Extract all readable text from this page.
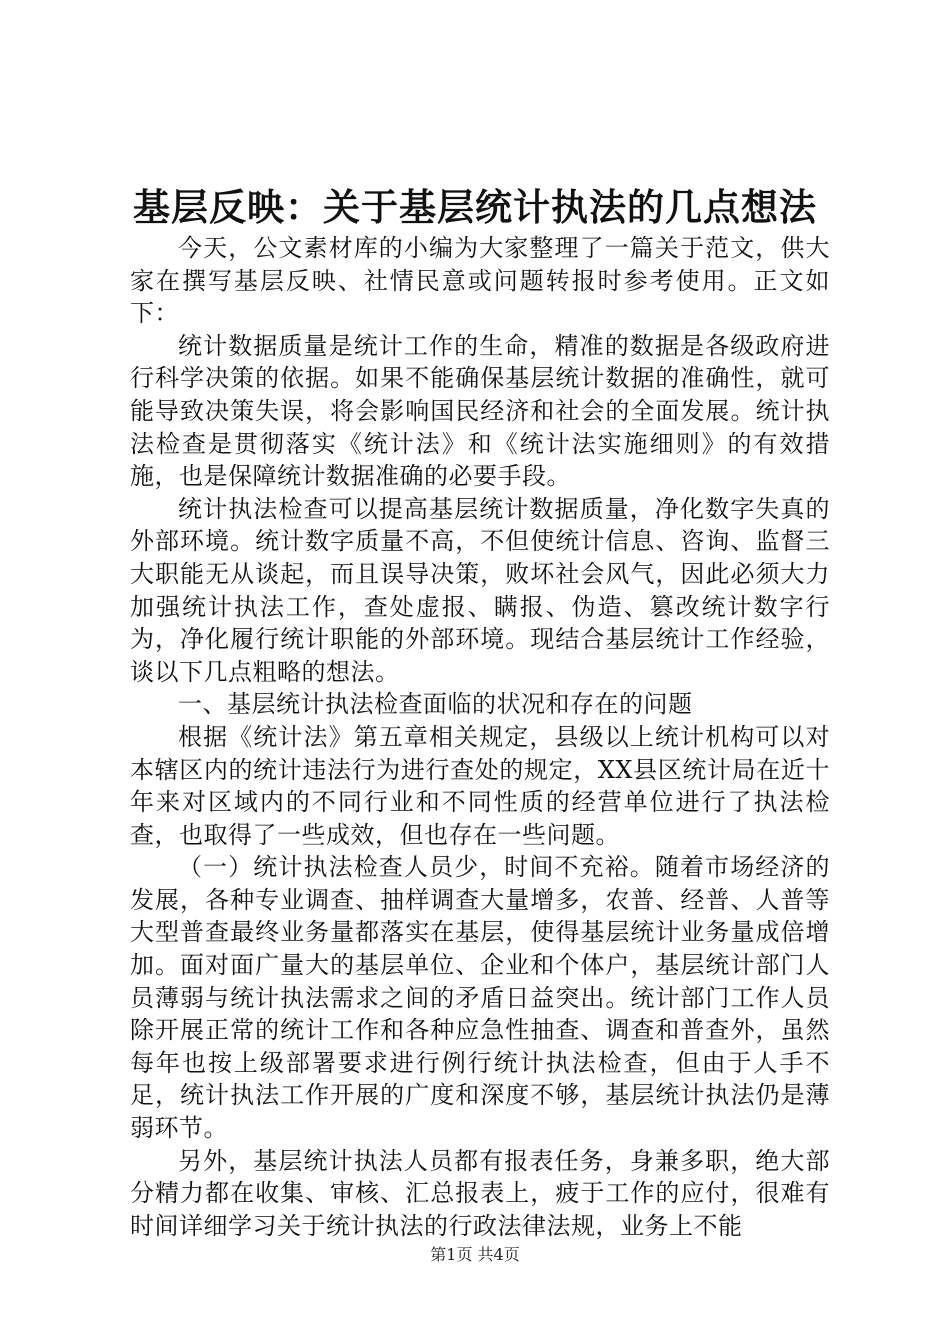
基层反映：关于基层统计执法的几点想法

今天，公文素材库的小编为大家整理了一篇关于范文，供大家在撰写基层反映、社情民意或问题转报时参考使用。正文如下：

统计数据质量是统计工作的生命，精准的数据是各级政府进行科学决策的依据。如果不能确保基层统计数据的准确性，就可能导致决策失误，将会影响国民经济和社会的全面发展。统计执法检查是贯彻落实《统计法》和《统计法实施细则》的有效措施，也是保障统计数据准确的必要手段。

统计执法检查可以提高基层统计数据质量，净化数字失真的外部环境。统计数字质量不高，不但使统计信息、咨询、监督三大职能无从谈起，而且误导决策，败坏社会风气，因此必须大力加强统计执法工作，查处虚报、瞒报、伪造、篡改统计数字行为，净化履行统计职能的外部环境。现结合基层统计工作经验，谈以下几点粗略的想法。

一、基层统计执法检查面临的状况和存在的问题

根据《统计法》第五章相关规定，县级以上统计机构可以对本辖区内的统计违法行为进行查处的规定，XX县区统计局在近十年来对区域内的不同行业和不同性质的经营单位进行了执法检查，也取得了一些成效，但也存在一些问题。

（一）统计执法检查人员少，时间不充裕。随着市场经济的发展，各种专业调查、抽样调查大量增多，农普、经普、人普等大型普查最终业务量都落实在基层，使得基层统计业务量成倍增加。面对面广量大的基层单位、企业和个体户，基层统计部门人员薄弱与统计执法需求之间的矛盾日益突出。统计部门工作人员除开展正常的统计工作和各种应急性抽查、调查和普查外，虽然每年也按上级部署要求进行例行统计执法检查，但由于人手不足，统计执法工作开展的广度和深度不够，基层统计执法仍是薄弱环节。

另外，基层统计执法人员都有报表任务，身兼多职，绝大部分精力都在收集、审核、汇总报表上，疲于工作的应付，很难有时间详细学习关于统计执法的行政法律法规，业务上不能

第1页 共4页
